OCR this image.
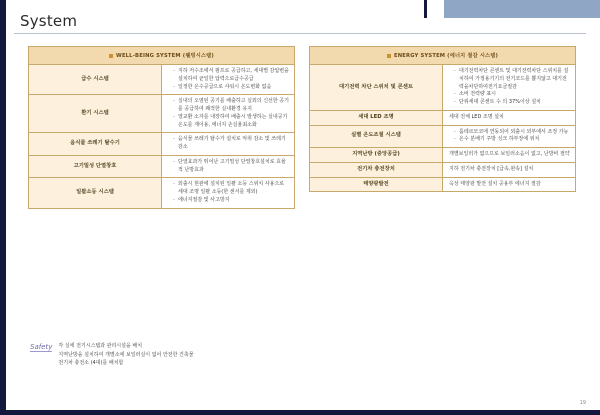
System
WELL-BEING SYSTEM (웰빙시스템)	
급수 시스템	
- 지하 저수조에서 펌프로 공급하고, 세대별 감압변을 설치하여 균일한 압력으로급수공급
- 일정한 온수공급으로 샤워시 온도변화 없음

환기 시스템	
- 실내의 오염된 공기를 배출하고 실외의 신선한 공기를 공급하여 쾌적한 실내환경 유지
- 열교환 소자를 내장하여 배출시 발생하는 실내공기온도를 재이용, 에너지 손실율최소화

음식물 쓰레기 탈수기	
- 음식물 쓰레기 탈수가 설치로 악취 감소 및 쓰레기 감소

고기밀성 단열창호	
- 단열효과가 뛰어난 고기밀성 단열창호설치로 효율적 난방효과

일괄소등 시스템	
- 외출시 현관에 설치된 일괄 소등 스위치 사용으로 세대 조명 일괄 소등(한 센서를 제외)
- 에너지절감 및 사고방지
ENERGY SYSTEM (에너지 절감 시스템)	
대기전력 차단 스위치 및 콘센트	
- 대기전력차단 콘센트 및 대기전력차단 스위치를 설치하여 가정용기기의 전기코드를 뽑지않고 대기전력을차단하여전기요금절감
- 소비 전력량 표시
- 단위세대 콘센트 수 의 37%이상 설치

세대 LED 조명	세대 전체 LED 조명 설치

실별 온도조절 시스템	
- 룸테르모코에 연동되어 외출시 외부에서 조정 가능
- 온수 분배기 주방 싱크 하부장에 위치

지역난방 (중앙공급)	개별보일러가 없으므로 보일러소음이 없고, 난방비 절약

전기차 충전장치	지하 전기차 충전장치 [급속,완속] 설치

태양광발전	옥상 태양광 발전 설치 공용부 에너지 절감
Safety 각 실에 전기시스템과 관리시설을 배치
지역난방을 설치하여 개별소에 보일러실이 없어 안전한 건축물
전기차 충전소 (4대)를 배치함
19
